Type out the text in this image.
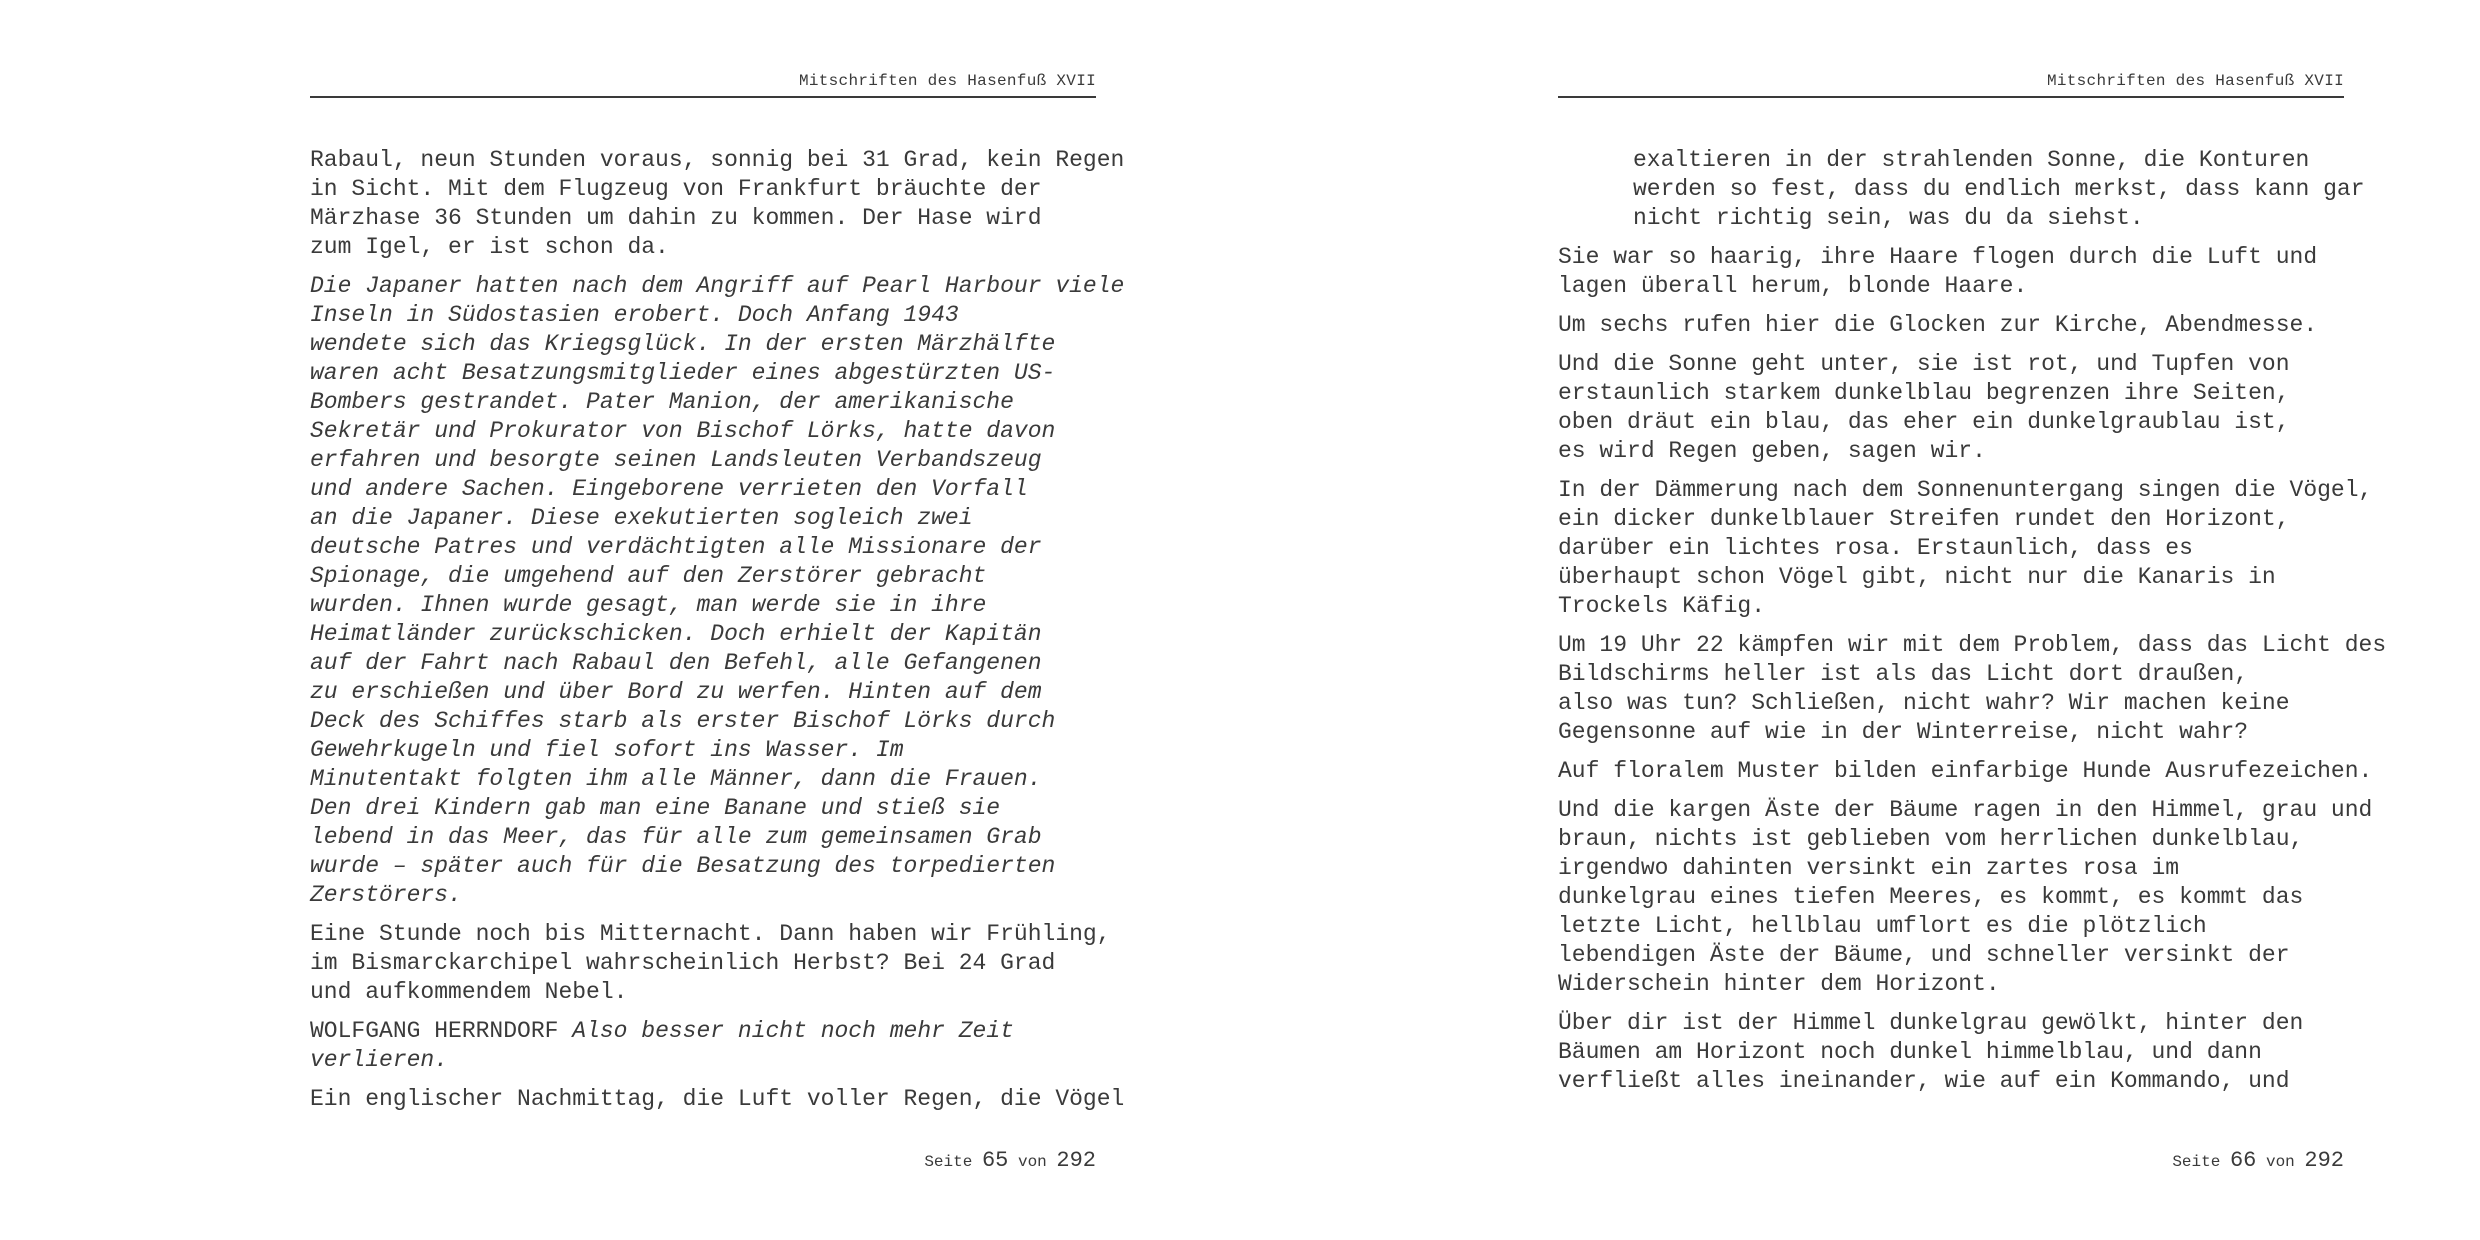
Mitschriften des Hasenfuß XVII

Rabaul, neun Stunden voraus, sonnig bei 31 Grad, kein Regen
in Sicht. Mit dem Flugzeug von Frankfurt bräuchte der
Märzhase 36 Stunden um dahin zu kommen. Der Hase wird
zum Igel, er ist schon da.

Die Japaner hatten nach dem Angriff auf Pearl Harbour viele
Inseln in Südostasien erobert. Doch Anfang 1943
wendete sich das Kriegsglück. In der ersten Märzhälfte
waren acht Besatzungsmitglieder eines abgestürzten US-
Bombers gestrandet. Pater Manion, der amerikanische
Sekretär und Prokurator von Bischof Lörks, hatte davon
erfahren und besorgte seinen Landsleuten Verbandszeug
und andere Sachen. Eingeborene verrieten den Vorfall
an die Japaner. Diese exekutierten sogleich zwei
deutsche Patres und verdächtigten alle Missionare der
Spionage, die umgehend auf den Zerstörer gebracht
wurden. Ihnen wurde gesagt, man werde sie in ihre
Heimatländer zurückschicken. Doch erhielt der Kapitän
auf der Fahrt nach Rabaul den Befehl, alle Gefangenen
zu erschießen und über Bord zu werfen. Hinten auf dem
Deck des Schiffes starb als erster Bischof Lörks durch
Gewehrkugeln und fiel sofort ins Wasser. Im
Minutentakt folgten ihm alle Männer, dann die Frauen.
Den drei Kindern gab man eine Banane und stieß sie
lebend in das Meer, das für alle zum gemeinsamen Grab
wurde – später auch für die Besatzung des torpedierten
Zerstörers.

Eine Stunde noch bis Mitternacht. Dann haben wir Frühling,
im Bismarckarchipel wahrscheinlich Herbst? Bei 24 Grad
und aufkommendem Nebel.

WOLFGANG HERRNDORF Also besser nicht noch mehr Zeit
verlieren.

Ein englischer Nachmittag, die Luft voller Regen, die Vögel

Seite 65 von 292
Mitschriften des Hasenfuß XVII

exaltieren in der strahlenden Sonne, die Konturen
werden so fest, dass du endlich merkst, dass kann gar
nicht richtig sein, was du da siehst.

Sie war so haarig, ihre Haare flogen durch die Luft und
lagen überall herum, blonde Haare.

Um sechs rufen hier die Glocken zur Kirche, Abendmesse.

Und die Sonne geht unter, sie ist rot, und Tupfen von
erstaunlich starkem dunkelblau begrenzen ihre Seiten,
oben dräut ein blau, das eher ein dunkelgraublau ist,
es wird Regen geben, sagen wir.

In der Dämmerung nach dem Sonnenuntergang singen die Vögel,
ein dicker dunkelblauer Streifen rundet den Horizont,
darüber ein lichtes rosa. Erstaunlich, dass es
überhaupt schon Vögel gibt, nicht nur die Kanaris in
Trockels Käfig.

Um 19 Uhr 22 kämpfen wir mit dem Problem, dass das Licht des
Bildschirms heller ist als das Licht dort draußen,
also was tun? Schließen, nicht wahr? Wir machen keine
Gegensonne auf wie in der Winterreise, nicht wahr?

Auf floralem Muster bilden einfarbige Hunde Ausrufezeichen.

Und die kargen Äste der Bäume ragen in den Himmel, grau und
braun, nichts ist geblieben vom herrlichen dunkelblau,
irgendwo dahinten versinkt ein zartes rosa im
dunkelgrau eines tiefen Meeres, es kommt, es kommt das
letzte Licht, hellblau umflort es die plötzlich
lebendigen Äste der Bäume, und schneller versinkt der
Widerschein hinter dem Horizont.

Über dir ist der Himmel dunkelgrau gewölkt, hinter den
Bäumen am Horizont noch dunkel himmelblau, und dann
verfließt alles ineinander, wie auf ein Kommando, und

Seite 66 von 292
